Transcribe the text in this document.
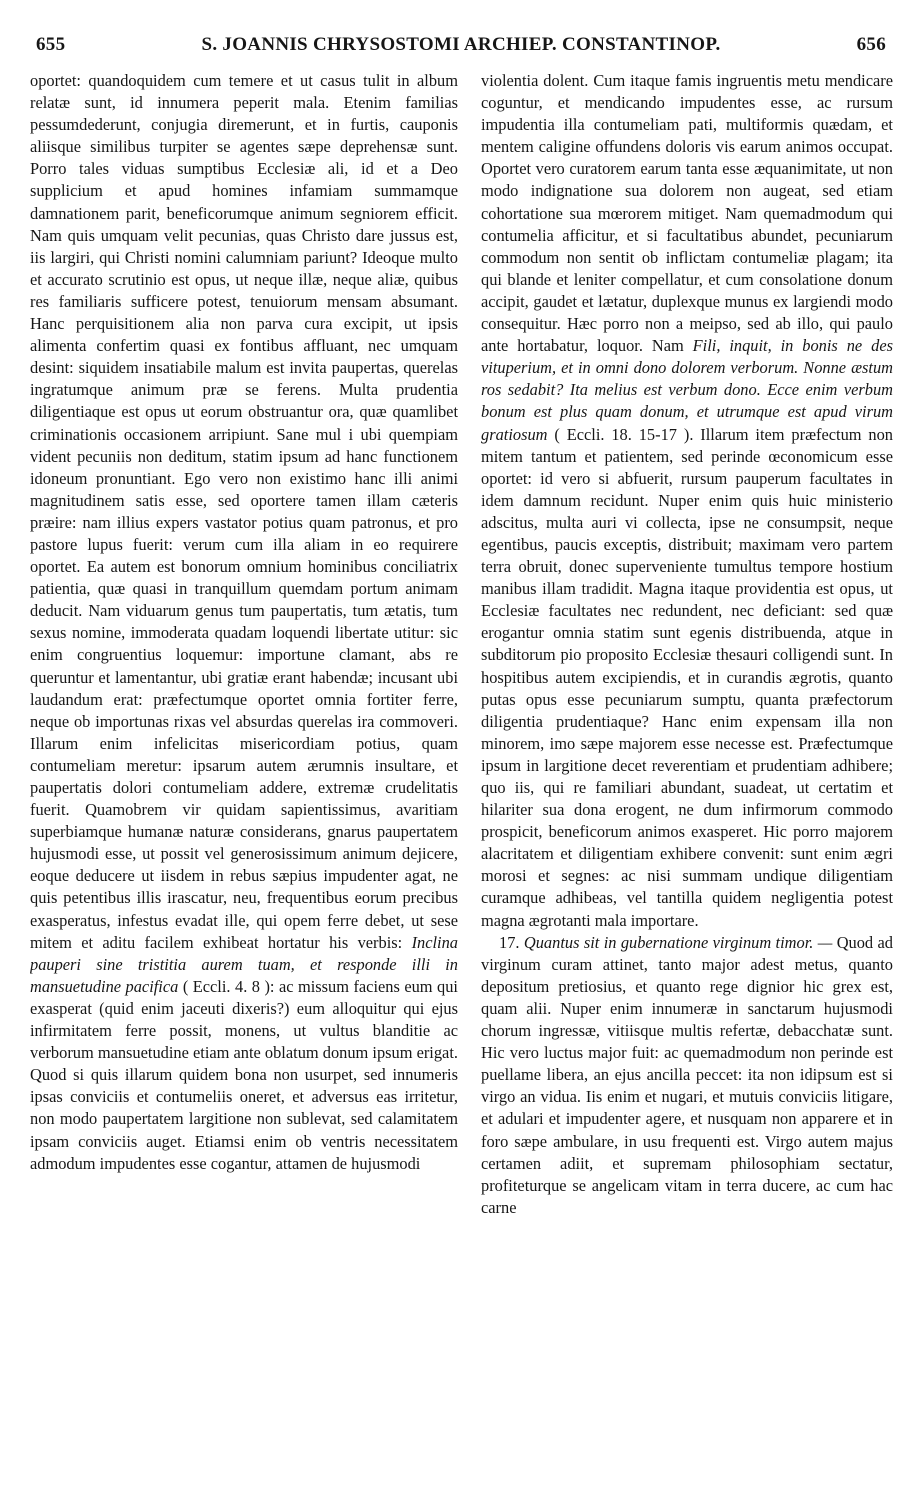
655	S. JOANNIS CHRYSOSTOMI ARCHIEP. CONSTANTINOP.	656

oportet: quandoquidem cum temere et ut casus tulit in album relatæ sunt, id innumera peperit mala. Etenim familias pessumdederunt, conjugia diremerunt, et in furtis, cauponis aliisque similibus turpiter se agentes sæpe deprehensæ sunt. Porro tales viduas sumptibus Ecclesiæ ali, id et a Deo supplicium et apud homines infamiam summamque damnationem parit, beneficorumque animum segniorem efficit. Nam quis umquam velit pecunias, quas Christo dare jussus est, iis largiri, qui Christi nomini calumniam pariunt? Ideoque multo et accurato scrutinio est opus, ut neque illæ, neque aliæ, quibus res familiaris sufficere potest, tenuiorum mensam absumant. Hanc perquisitionem alia non parva cura excipit, ut ipsis alimenta confertim quasi ex fontibus affluant, nec umquam desint: siquidem insatiabile malum est invita paupertas, querelas ingratumque animum præ se ferens. Multa prudentia diligentiaque est opus ut eorum obstruantur ora, quæ quamlibet criminationis occasionem arripiunt. Sane mul i ubi quempiam vident pecuniis non deditum, statim ipsum ad hanc functionem idoneum pronuntiant. Ego vero non existimo hanc illi animi magnitudinem satis esse, sed oportere tamen illam cæteris præire: nam illius expers vastator potius quam patronus, et pro pastore lupus fuerit: verum cum illa aliam in eo requirere oportet. Ea autem est bonorum omnium hominibus conciliatrix patientia, quæ quasi in tranquillum quemdam portum animam deducit. Nam viduarum genus tum paupertatis, tum ætatis, tum sexus nomine, immoderata quadam loquendi libertate utitur: sic enim congruentius loquemur: importune clamant, abs re queruntur et lamentantur, ubi gratiæ erant habendæ; incusant ubi laudandum erat: præfectumque oportet omnia fortiter ferre, neque ob importunas rixas vel absurdas querelas ira commoveri. Illarum enim infelicitas misericordiam potius, quam contumeliam meretur: ipsarum autem ærumnis insultare, et paupertatis dolori contumeliam addere, extremæ crudelitatis fuerit. Quamobrem vir quidam sapientissimus, avaritiam superbiamque humanæ naturæ considerans, gnarus paupertatem hujusmodi esse, ut possit vel generosissimum animum dejicere, eoque deducere ut iisdem in rebus sæpius impudenter agat, ne quis petentibus illis irascatur, neu, frequentibus eorum precibus exasperatus, infestus evadat ille, qui opem ferre debet, ut sese mitem et aditu facilem exhibeat hortatur his verbis: Inclina pauperi sine tristitia aurem tuam, et responde illi in mansuetudine pacifica ( Eccli. 4. 8 ): ac missum faciens eum qui exasperat (quid enim jaceuti dixeris?) eum alloquitur qui ejus infirmitatem ferre possit, monens, ut vultus blanditie ac verborum mansuetudine etiam ante oblatum donum ipsum erigat. Quod si quis illarum quidem bona non usurpet, sed innumeris ipsas conviciis et contumeliis oneret, et adversus eas irritetur, non modo paupertatem largitione non sublevat, sed calamitatem ipsam conviciis auget. Etiamsi enim ob ventris necessitatem admodum impudentes esse cogantur, attamen de hujusmodi

violentia dolent. Cum itaque famis ingruentis metu mendicare coguntur, et mendicando impudentes esse, ac rursum impudentia illa contumeliam pati, multiformis quædam, et mentem caligine offundens doloris vis earum animos occupat. Oportet vero curatorem earum tanta esse æquanimitate, ut non modo indignatione sua dolorem non augeat, sed etiam cohortatione sua mœrorem mitiget. Nam quemadmodum qui contumelia afficitur, et si facultatibus abundet, pecuniarum commodum non sentit ob inflictam contumeliæ plagam; ita qui blande et leniter compellatur, et cum consolatione donum accipit, gaudet et lætatur, duplexque munus ex largiendi modo consequitur. Hæc porro non a meipso, sed ab illo, qui paulo ante hortabatur, loquor. Nam Fili, inquit, in bonis ne des vituperium, et in omni dono dolorem verborum. Nonne æstum ros sedabit? Ita melius est verbum dono. Ecce enim verbum bonum est plus quam donum, et utrumque est apud virum gratiosum ( Eccli. 18. 15-17 ). Illarum item præfectum non mitem tantum et patientem, sed perinde œconomicum esse oportet: id vero si abfuerit, rursum pauperum facultates in idem damnum recidunt. Nuper enim quis huic ministerio adscitus, multa auri vi collecta, ipse ne consumpsit, neque egentibus, paucis exceptis, distribuit; maximam vero partem terra obruit, donec superveniente tumultus tempore hostium manibus illam tradidit. Magna itaque providentia est opus, ut Ecclesiæ facultates nec redundent, nec deficiant: sed quæ erogantur omnia statim sunt egenis distribuenda, atque in subditorum pio proposito Ecclesiæ thesauri colligendi sunt. In hospitibus autem excipiendis, et in curandis ægrotis, quanto putas opus esse pecuniarum sumptu, quanta præfectorum diligentia prudentiaque? Hanc enim expensam illa non minorem, imo sæpe majorem esse necesse est. Præfectumque ipsum in largitione decet reverentiam et prudentiam adhibere; quo iis, qui re familiari abundant, suadeat, ut certatim et hilariter sua dona erogent, ne dum infirmorum commodo prospicit, beneficorum animos exasperet. Hic porro majorem alacritatem et diligentiam exhibere convenit: sunt enim ægri morosi et segnes: ac nisi summam undique diligentiam curamque adhibeas, vel tantilla quidem negligentia potest magna ægrotanti mala importare.

17. Quantus sit in gubernatione virginum timor. — Quod ad virginum curam attinet, tanto major adest metus, quanto depositum pretiosius, et quanto rege dignior hic grex est, quam alii. Nuper enim innumeræ in sanctarum hujusmodi chorum ingressæ, vitiisque multis refertæ, debacchatæ sunt. Hic vero luctus major fuit: ac quemadmodum non perinde est puellame libera, an ejus ancilla peccet: ita non idipsum est si virgo an vidua. Iis enim et nugari, et mutuis conviciis litigare, et adulari et impudenter agere, et nusquam non apparere et in foro sæpe ambulare, in usu frequenti est. Virgo autem majus certamen adiit, et supremam philosophiam sectatur, profiteturque se angelicam vitam in terra ducere, ac cum hac carne
